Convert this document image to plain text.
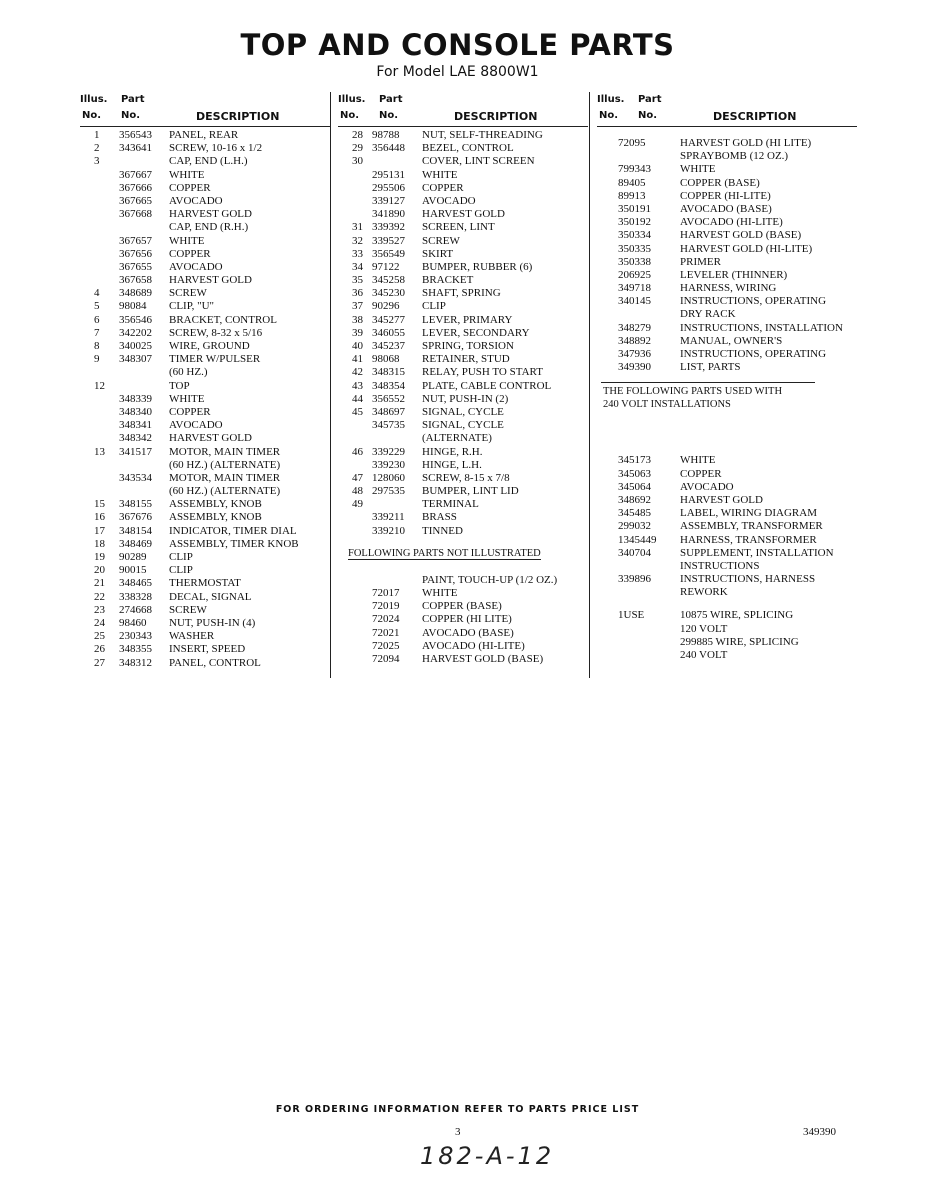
TOP AND CONSOLE PARTS
For Model LAE 8800W1
Illus. Part
No. No.	DESCRIPTION
1 356543 PANEL, REAR
2 343641 SCREW, 10-16 x 1/2
3	CAP, END (L.H.)
367667 WHITE
367666 COPPER
367665 AVOCADO
367668 HARVEST GOLD
CAP, END (R.H.)
367657 WHITE
367656 COPPER
367655 AVOCADO
367658 HARVEST GOLD
4 348689 SCREW
5 98084 CLIP, "U"
6 356546 BRACKET, CONTROL
7 342202 SCREW, 8-32 x 5/16
8 340025 WIRE, GROUND
9 348307 TIMER W/PULSER
(60 HZ.)
12	TOP
348339 WHITE
348340 COPPER
348341 AVOCADO
348342 HARVEST GOLD
13 341517 MOTOR, MAIN TIMER
(60 HZ.) (ALTERNATE)
343534 MOTOR, MAIN TIMER
(60 HZ.) (ALTERNATE)
15 348155 ASSEMBLY, KNOB
16 367676 ASSEMBLY, KNOB
17 348154 INDICATOR, TIMER DIAL
18 348469 ASSEMBLY, TIMER KNOB
19 90289 CLIP
20 90015 CLIP
21 348465 THERMOSTAT
22 338328 DECAL, SIGNAL
23 274668 SCREW
24 98460 NUT, PUSH-IN (4)
25 230343 WASHER
26 348355 INSERT, SPEED
27 348312 PANEL, CONTROL
Illus. Part
No. No.	DESCRIPTION
28 98788 NUT, SELF-THREADING
29 356448 BEZEL, CONTROL
30	COVER, LINT SCREEN
295131 WHITE
295506 COPPER
339127 AVOCADO
341890 HARVEST GOLD
31 339392 SCREEN, LINT
32 339527 SCREW
33 356549 SKIRT
34 97122 BUMPER, RUBBER (6)
35 345258 BRACKET
36 345230 SHAFT, SPRING
37 90296 CLIP
38 345277 LEVER, PRIMARY
39 346055 LEVER, SECONDARY
40 345237 SPRING, TORSION
41 98068 RETAINER, STUD
42 348315 RELAY, PUSH TO START
43 348354 PLATE, CABLE CONTROL
44 356552 NUT, PUSH-IN (2)
45 348697 SIGNAL, CYCLE
345735 SIGNAL, CYCLE
(ALTERNATE)
46 339229 HINGE, R.H.
339230 HINGE, L.H.
47 128060 SCREW, 8-15 x 7/8
48 297535 BUMPER, LINT LID
49	TERMINAL
339211 BRASS
339210 TINNED
FOLLOWING PARTS NOT ILLUSTRATED
PAINT, TOUCH-UP (1/2 OZ.)
72017 WHITE
72019 COPPER (BASE)
72024 COPPER (HI LITE)
72021 AVOCADO (BASE)
72025 AVOCADO (HI-LITE)
72094 HARVEST GOLD (BASE)
Illus. Part
No. No.	DESCRIPTION
72095	HARVEST GOLD (HI LITE)
SPRAYBOMB (12 OZ.)
799343	WHITE
89405	COPPER (BASE)
89913	COPPER (HI-LITE)
350191	AVOCADO (BASE)
350192	AVOCADO (HI-LITE)
350334	HARVEST GOLD (BASE)
350335	HARVEST GOLD (HI-LITE)
350338	PRIMER
206925	LEVELER (THINNER)
349718	HARNESS, WIRING
340145	INSTRUCTIONS, OPERATING
DRY RACK
348279	INSTRUCTIONS, INSTALLATION
348892	MANUAL, OWNER'S
347936	INSTRUCTIONS, OPERATING
349390	LIST, PARTS
THE FOLLOWING PARTS USED WITH
240 VOLT INSTALLATIONS
345173	WHITE
345063	COPPER
345064	AVOCADO
348692	HARVEST GOLD
345485	LABEL, WIRING DIAGRAM
299032	ASSEMBLY, TRANSFORMER
1345449 HARNESS, TRANSFORMER
340704	SUPPLEMENT, INSTALLATION
INSTRUCTIONS
339896	INSTRUCTIONS, HARNESS
REWORK
1USE	10875 WIRE, SPLICING
120 VOLT
299885 WIRE, SPLICING
240 VOLT
FOR ORDERING INFORMATION REFER TO PARTS PRICE LIST
3	349390
182-A-12
